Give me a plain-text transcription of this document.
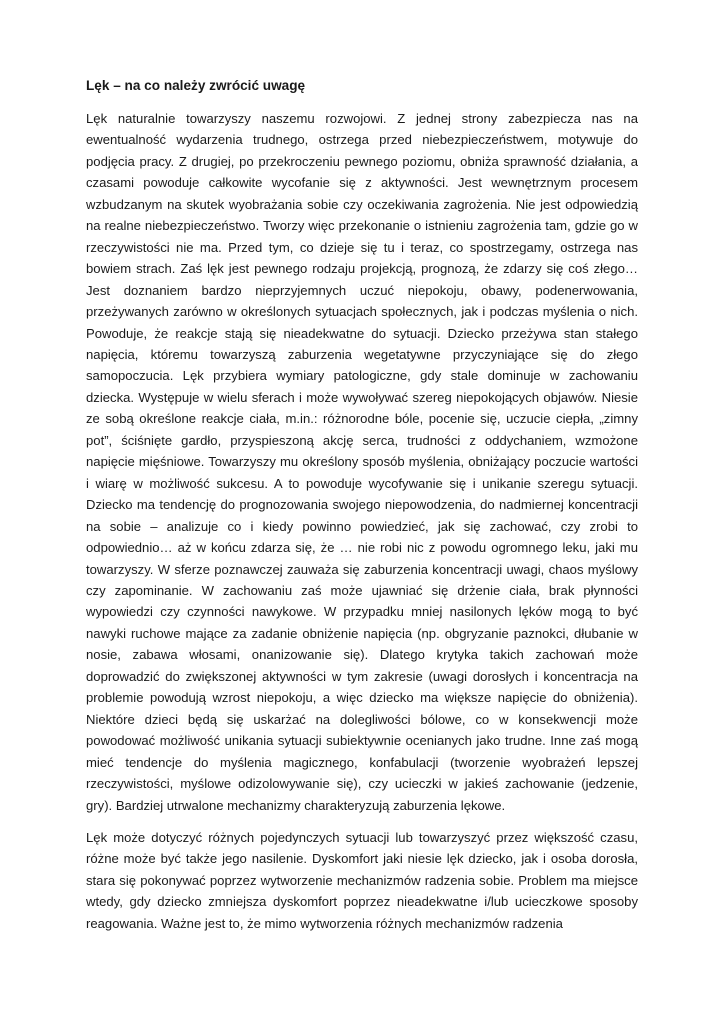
Lęk – na co należy zwrócić uwagę

Lęk naturalnie towarzyszy naszemu rozwojowi. Z jednej strony zabezpiecza nas na ewentualność wydarzenia trudnego, ostrzega przed niebezpieczeństwem, motywuje do podjęcia pracy. Z drugiej, po przekroczeniu pewnego poziomu, obniża sprawność działania, a czasami powoduje całkowite wycofanie się z aktywności. Jest wewnętrznym procesem wzbudzanym na skutek wyobrażania sobie czy oczekiwania zagrożenia. Nie jest odpowiedzią na realne niebezpieczeństwo. Tworzy więc przekonanie o istnieniu zagrożenia tam, gdzie go w rzeczywistości nie ma. Przed tym, co dzieje się tu i teraz, co spostrzegamy, ostrzega nas bowiem strach. Zaś lęk jest pewnego rodzaju projekcją, prognozą, że zdarzy się coś złego… Jest doznaniem bardzo nieprzyjemnych uczuć niepokoju, obawy, podenerwowania, przeżywanych zarówno w określonych sytuacjach społecznych, jak i podczas myślenia o nich. Powoduje, że reakcje stają się nieadekwatne do sytuacji. Dziecko przeżywa stan stałego napięcia, któremu towarzyszą zaburzenia wegetatywne przyczyniające się do złego samopoczucia. Lęk przybiera wymiary patologiczne, gdy stale dominuje w zachowaniu dziecka. Występuje w wielu sferach i może wywoływać szereg niepokojących objawów. Niesie ze sobą określone reakcje ciała, m.in.: różnorodne bóle, pocenie się, uczucie ciepła, „zimny pot”, ściśnięte gardło, przyspieszoną akcję serca, trudności z oddychaniem, wzmożone napięcie mięśniowe. Towarzyszy mu określony sposób myślenia, obniżający poczucie wartości i wiarę w możliwość sukcesu. A to powoduje wycofywanie się i unikanie szeregu sytuacji. Dziecko ma tendencję do prognozowania swojego niepowodzenia, do nadmiernej koncentracji na sobie – analizuje co i kiedy powinno powiedzieć, jak się zachować, czy zrobi to odpowiednio… aż w końcu zdarza się, że … nie robi nic z powodu ogromnego leku, jaki mu towarzyszy. W sferze poznawczej zauważa się zaburzenia koncentracji uwagi, chaos myślowy czy zapominanie. W zachowaniu zaś może ujawniać się drżenie ciała, brak płynności wypowiedzi czy czynności nawykowe. W przypadku mniej nasilonych lęków mogą to być nawyki ruchowe mające za zadanie obniżenie napięcia (np. obgryzanie paznokci, dłubanie w nosie, zabawa włosami, onanizowanie się). Dlatego krytyka takich zachowań może doprowadzić do zwiększonej aktywności w tym zakresie (uwagi dorosłych i koncentracja na problemie powodują wzrost niepokoju, a więc dziecko ma większe napięcie do obniżenia). Niektóre dzieci będą się uskarżać na dolegliwości bólowe, co w konsekwencji może powodować możliwość unikania sytuacji subiektywnie ocenianych jako trudne. Inne zaś mogą mieć tendencje do myślenia magicznego, konfabulacji (tworzenie wyobrażeń lepszej rzeczywistości, myślowe odizolowywanie się), czy ucieczki w jakieś zachowanie (jedzenie, gry). Bardziej utrwalone mechanizmy charakteryzują zaburzenia lękowe.

Lęk może dotyczyć różnych pojedynczych sytuacji lub towarzyszyć przez większość czasu, różne może być także jego nasilenie. Dyskomfort jaki niesie lęk dziecko, jak i osoba dorosła, stara się pokonywać poprzez wytworzenie mechanizmów radzenia sobie. Problem ma miejsce wtedy, gdy dziecko zmniejsza dyskomfort poprzez nieadekwatne i/lub ucieczkowe sposoby reagowania. Ważne jest to, że mimo wytworzenia różnych mechanizmów radzenia
